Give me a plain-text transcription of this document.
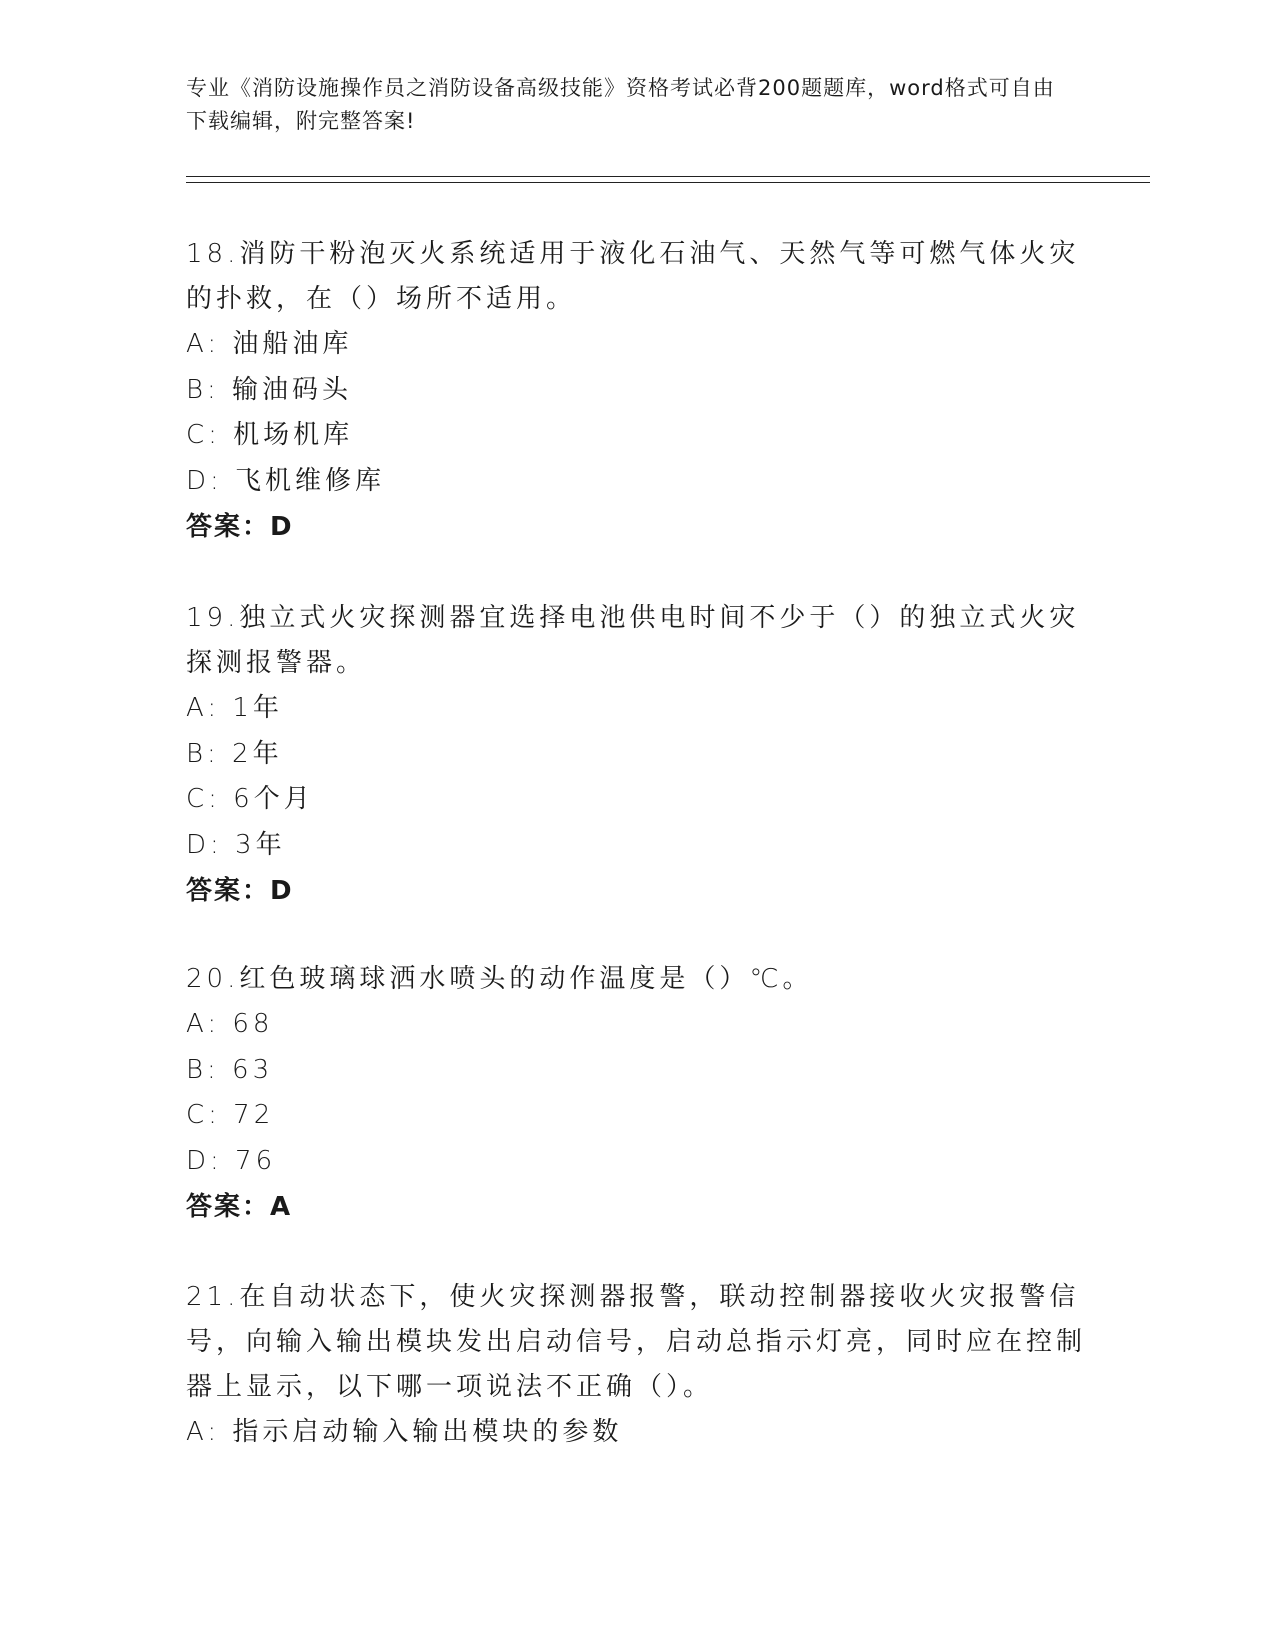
专业《消防设施操作员之消防设备高级技能》资格考试必背200题题库，word格式可自由下载编辑，附完整答案!
18.消防干粉泡灭火系统适用于液化石油气、天然气等可燃气体火灾的扑救，在（）场所不适用。
A: 油船油库
B: 输油码头
C: 机场机库
D: 飞机维修库
答案：D
19.独立式火灾探测器宜选择电池供电时间不少于（）的独立式火灾探测报警器。
A: 1年
B: 2年
C: 6个月
D: 3年
答案：D
20.红色玻璃球洒水喷头的动作温度是（）℃。
A: 68
B: 63
C: 72
D: 76
答案：A
21.在自动状态下，使火灾探测器报警，联动控制器接收火灾报警信号，向输入输出模块发出启动信号，启动总指示灯亮，同时应在控制器上显示，以下哪一项说法不正确（）。
A: 指示启动输入输出模块的参数
